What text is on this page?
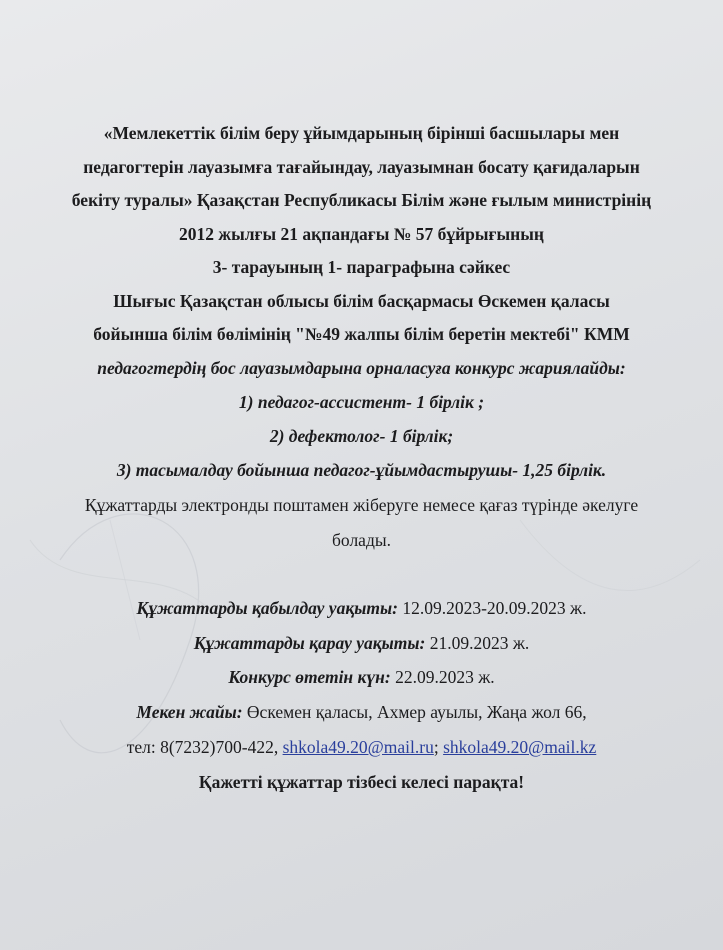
«Мемлекеттік білім беру ұйымдарының бірінші басшылары мен
педагогтерін лауазымға тағайындау, лауазымнан босату қағидаларын
бекіту туралы» Қазақстан Республикасы Білім және ғылым министрінің
2012 жылғы 21 ақпандағы № 57 бұйрығының
3- тарауының 1- параграфына сәйкес
Шығыс Қазақстан облысы білім басқармасы Өскемен қаласы
бойынша білім бөлімінің "№49 жалпы білім беретін мектебі" КММ
педагогтердің бос лауазымдарына орналасуға конкурс жариялайды:
1) педагог-ассистент- 1 бірлік ;
2) дефектолог- 1 бірлік;
3) тасымалдау бойынша педагог-ұйымдастырушы- 1,25 бірлік.
Құжаттарды электронды поштамен жіберуге немесе қағаз түрінде әкелуге
болады.
Құжаттарды қабылдау уақыты: 12.09.2023-20.09.2023 ж.
Құжаттарды қарау уақыты: 21.09.2023 ж.
Конкурс өтетін күн: 22.09.2023 ж.
Мекен жайы: Өскемен қаласы, Ахмер ауылы, Жаңа жол 66,
тел: 8(7232)700-422, shkola49.20@mail.ru; shkola49.20@mail.kz
Қажетті құжаттар тізбесі келесі парақта!
